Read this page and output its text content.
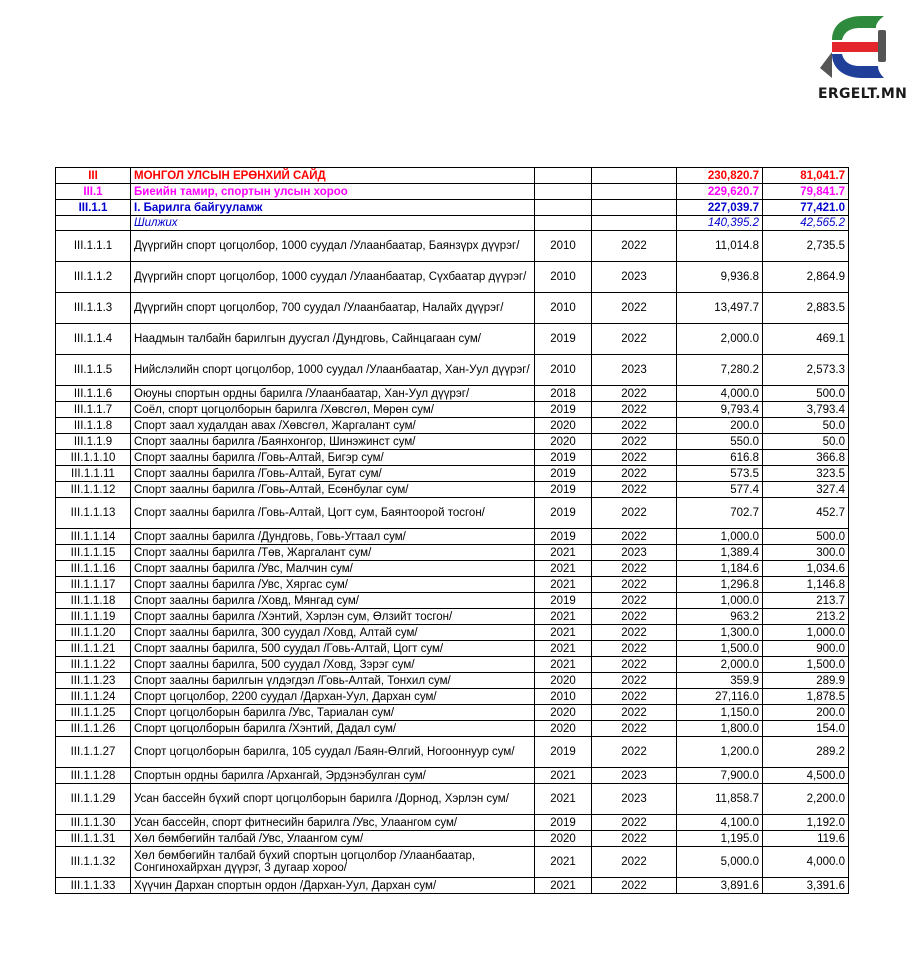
ERGELT.MN
III	МОНГОЛ УЛСЫН ЕРӨНХИЙ САЙД			230,820.7	81,041.7
III.1	Биеийн тамир, спортын улсын хороо			229,620.7	79,841.7
III.1.1	I. Барилга байгууламж			227,039.7	77,421.0
	Шилжих			140,395.2	42,565.2
III.1.1.1	Дүүргийн спорт цогцолбор, 1000 суудал /Улаанбаатар, Баянзүрх дүүрэг/	2010	2022	11,014.8	2,735.5
III.1.1.2	Дүүргийн спорт цогцолбор, 1000 суудал /Улаанбаатар, Сүхбаатар дүүрэг/	2010	2023	9,936.8	2,864.9
III.1.1.3	Дүүргийн спорт цогцолбор, 700 суудал /Улаанбаатар, Налайх дүүрэг/	2010	2022	13,497.7	2,883.5
III.1.1.4	Наадмын талбайн барилгын дуусгал /Дундговь, Сайнцагаан сум/	2019	2022	2,000.0	469.1
III.1.1.5	Нийслэлийн спорт цогцолбор, 1000 суудал /Улаанбаатар, Хан-Уул дүүрэг/	2010	2023	7,280.2	2,573.3
III.1.1.6	Оюуны спортын ордны барилга /Улаанбаатар, Хан-Уул дүүрэг/	2018	2022	4,000.0	500.0
III.1.1.7	Соёл, спорт цогцолборын барилга /Хөвсгөл, Мөрөн сум/	2019	2022	9,793.4	3,793.4
III.1.1.8	Спорт заал худалдан авах /Хөвсгөл, Жаргалант сум/	2020	2022	200.0	50.0
III.1.1.9	Спорт заалны барилга /Баянхонгор, Шинэжинст сум/	2020	2022	550.0	50.0
III.1.1.10	Спорт заалны барилга /Говь-Алтай, Бигэр сум/	2019	2022	616.8	366.8
III.1.1.11	Спорт заалны барилга /Говь-Алтай, Бугат сум/	2019	2022	573.5	323.5
III.1.1.12	Спорт заалны барилга /Говь-Алтай, Есөнбулаг сум/	2019	2022	577.4	327.4
III.1.1.13	Спорт заалны барилга /Говь-Алтай, Цогт сум, Баянтоорой тосгон/	2019	2022	702.7	452.7
III.1.1.14	Спорт заалны барилга /Дундговь, Говь-Угтаал сум/	2019	2022	1,000.0	500.0
III.1.1.15	Спорт заалны барилга /Төв, Жаргалант сум/	2021	2023	1,389.4	300.0
III.1.1.16	Спорт заалны барилга /Увс, Малчин сум/	2021	2022	1,184.6	1,034.6
III.1.1.17	Спорт заалны барилга /Увс, Хяргас сум/	2021	2022	1,296.8	1,146.8
III.1.1.18	Спорт заалны барилга /Ховд, Мянгад сум/	2019	2022	1,000.0	213.7
III.1.1.19	Спорт заалны барилга /Хэнтий, Хэрлэн сум, Өлзийт тосгон/	2021	2022	963.2	213.2
III.1.1.20	Спорт заалны барилга, 300 суудал /Ховд, Алтай сум/	2021	2022	1,300.0	1,000.0
III.1.1.21	Спорт заалны барилга, 500 суудал /Говь-Алтай, Цогт сум/	2021	2022	1,500.0	900.0
III.1.1.22	Спорт заалны барилга, 500 суудал /Ховд, Зэрэг сум/	2021	2022	2,000.0	1,500.0
III.1.1.23	Спорт заалны барилгын үлдэгдэл /Говь-Алтай, Тонхил сум/	2020	2022	359.9	289.9
III.1.1.24	Спорт цогцолбор, 2200 суудал /Дархан-Уул, Дархан сум/	2010	2022	27,116.0	1,878.5
III.1.1.25	Спорт цогцолборын барилга /Увс, Тариалан сум/	2020	2022	1,150.0	200.0
III.1.1.26	Спорт цогцолборын барилга /Хэнтий, Дадал сум/	2020	2022	1,800.0	154.0
III.1.1.27	Спорт цогцолборын барилга, 105 суудал /Баян-Өлгий, Ногооннуур сум/	2019	2022	1,200.0	289.2
III.1.1.28	Спортын ордны барилга /Архангай, Эрдэнэбулган сум/	2021	2023	7,900.0	4,500.0
III.1.1.29	Усан бассейн бүхий спорт цогцолборын барилга /Дорнод, Хэрлэн сум/	2021	2023	11,858.7	2,200.0
III.1.1.30	Усан бассейн, спорт фитнесийн барилга /Увс, Улаангом сум/	2019	2022	4,100.0	1,192.0
III.1.1.31	Хөл бөмбөгийн талбай /Увс, Улаангом сум/	2020	2022	1,195.0	119.6
III.1.1.32	Хөл бөмбөгийн талбай бүхий спортын цогцолбор /Улаанбаатар, Сонгинохайрхан дүүрэг, 3 дугаар хороо/	2021	2022	5,000.0	4,000.0
III.1.1.33	Хүүчин Дархан спортын ордон /Дархан-Уул, Дархан сум/	2021	2022	3,891.6	3,391.6
